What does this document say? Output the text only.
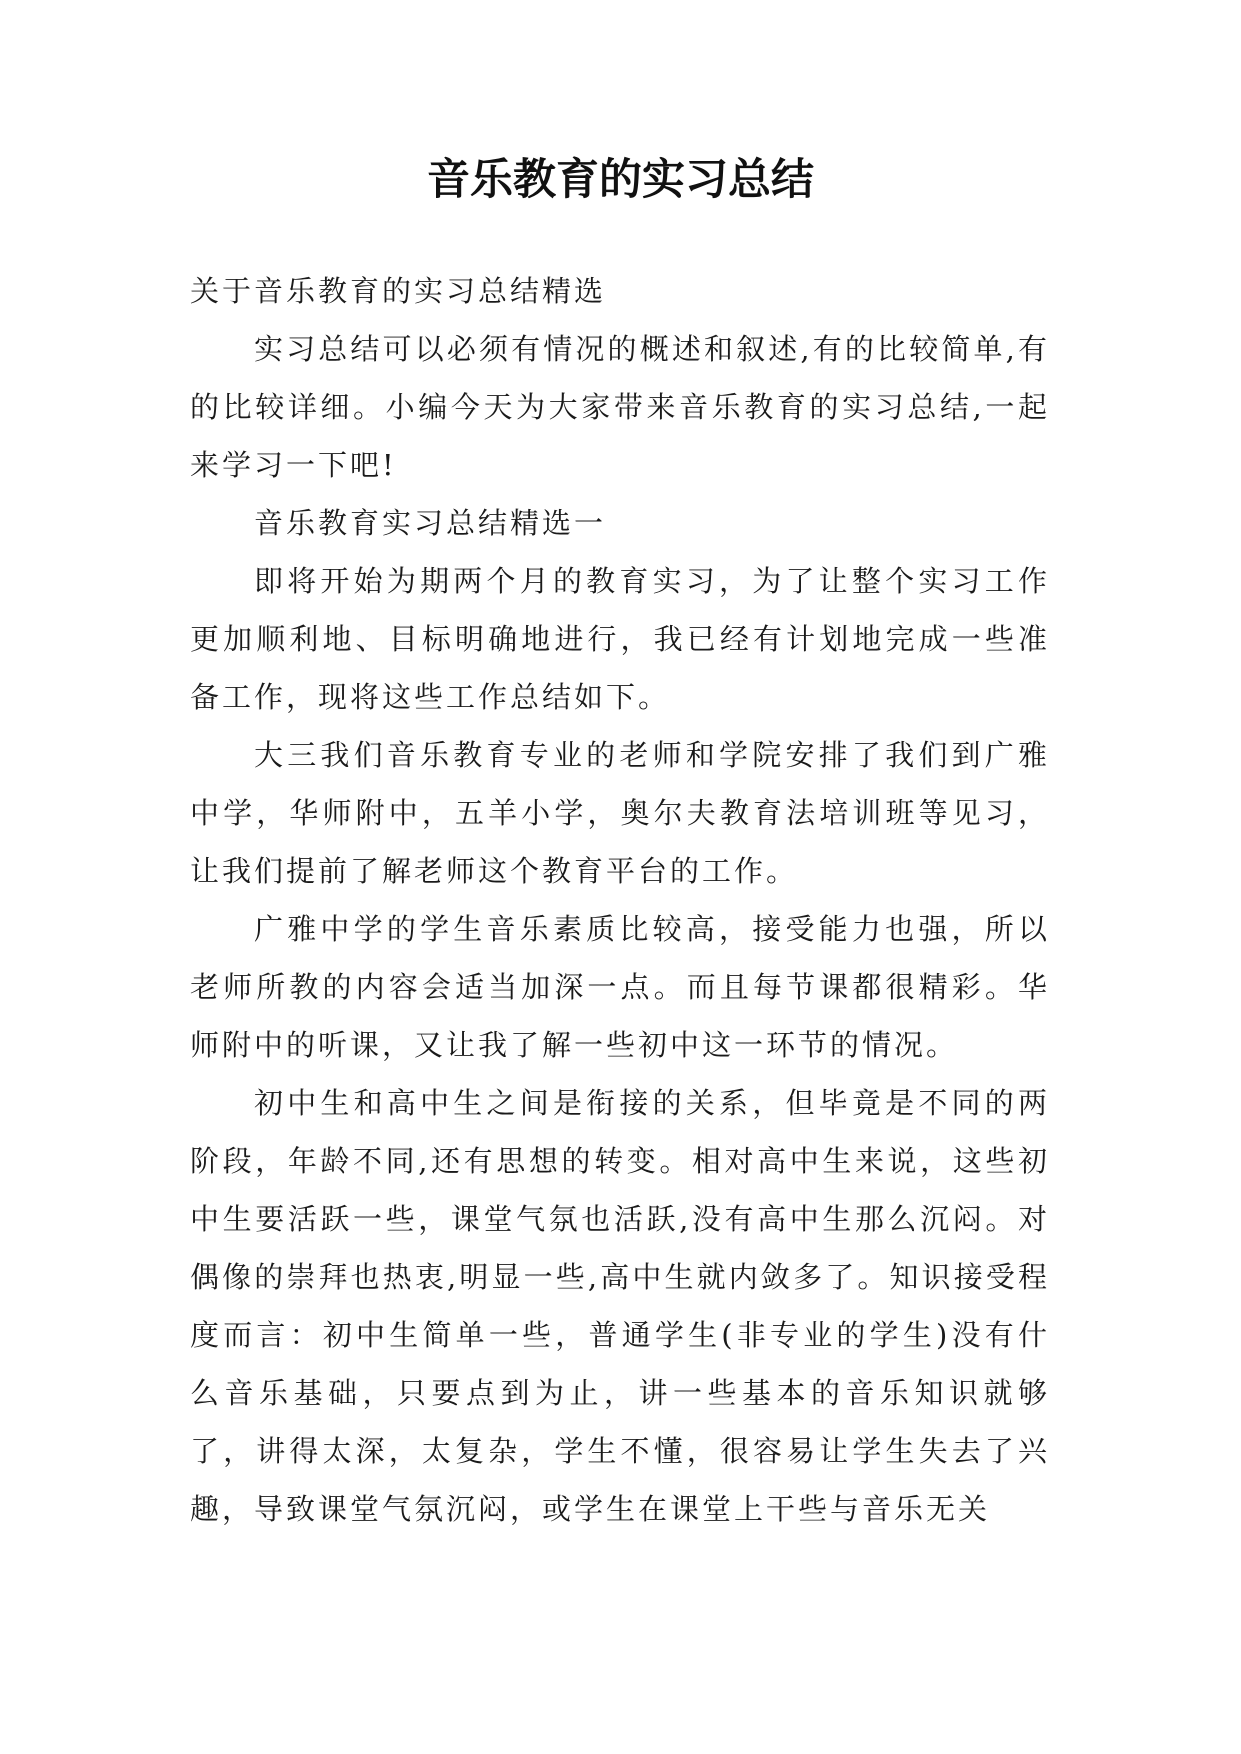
音乐教育的实习总结

关于音乐教育的实习总结精选

实习总结可以必须有情况的概述和叙述,有的比较简单,有的比较详细。小编今天为大家带来音乐教育的实习总结,一起来学习一下吧!

音乐教育实习总结精选一

即将开始为期两个月的教育实习，为了让整个实习工作更加顺利地、目标明确地进行，我已经有计划地完成一些准备工作，现将这些工作总结如下。

大三我们音乐教育专业的老师和学院安排了我们到广雅中学，华师附中，五羊小学，奥尔夫教育法培训班等见习，让我们提前了解老师这个教育平台的工作。

广雅中学的学生音乐素质比较高，接受能力也强，所以老师所教的内容会适当加深一点。而且每节课都很精彩。华师附中的听课，又让我了解一些初中这一环节的情况。

初中生和高中生之间是衔接的关系，但毕竟是不同的两阶段，年龄不同,还有思想的转变。相对高中生来说，这些初中生要活跃一些，课堂气氛也活跃,没有高中生那么沉闷。对偶像的崇拜也热衷,明显一些,高中生就内敛多了。知识接受程度而言：初中生简单一些，普通学生(非专业的学生)没有什么音乐基础，只要点到为止，讲一些基本的音乐知识就够了，讲得太深，太复杂，学生不懂，很容易让学生失去了兴趣，导致课堂气氛沉闷，或学生在课堂上干些与音乐无关
